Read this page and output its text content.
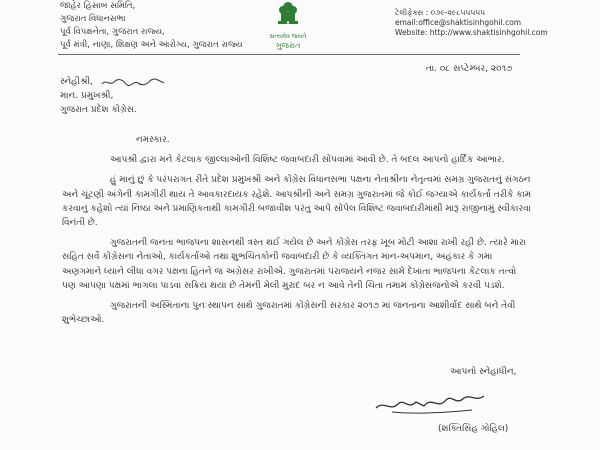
જાહેર હિસાબ સમિતિ,
ગુજરાત વિધાનસભા
પૂર્વ વિપક્ષનેતા, ગુજરાત રાજ્ય,
પૂર્વ મંત્રી, નાણા, શિક્ષણ અને આરોગ્ય, ગુજરાત રાજ્ય
સત્યમેવ જયતે
ગુજરાત
ટેલીફેક્સ : ૦૭૯-૨૯૮૫૫૫૫૫
email:office@shaktisinhgohil.com
Website: http://www.shaktisinhgohil.com
તા. ૦૮ સપ્ટેમ્બર, ૨૦૧૭
સ્નેહીશ્રી,
માન. પ્રમુખશ્રી,
ગુજરાત પ્રદેશ કોંગ્રેસ.

નમસ્કાર.

આપશ્રી દ્વારા મને કેટલાક જીલ્લાઓની વિશિષ્ટ જવાબદારી સોંપવામાં આવી છે. તે બદલ આપનો હાર્દિક આભાર.

હું માનું છું કે પરંપરાગત રીતે પ્રદેશ પ્રમુખશ્રી અને કોંગ્રેસ વિધાનસભા પક્ષના નેતાશ્રીના નેતૃત્વમાં સમગ્ર ગુજરાતનું સંગઠન અને ચૂંટણી અંગેની કામગીરી થાય તે આવકારદાયક રહેશે. આપશ્રીની અને સમગ્ર ગુજરાતમાં જે કોઈ જગ્યાએ કાર્યકર્તા તરીકે કામ કરવાનું કહેશો ત્યાં નિષ્ઠા અને પ્રમાણિકતાથી કામગીરી બજાવીશ પરંતુ આપે સોંપેલ વિશિષ્ટ જવાબદારીમાંથી મારૂ રાજીનામું સ્વીકારવા વિનંતી છે.

ગુજરાતની જનતા ભાજપના શાસનથી ત્રસ્ત થઈ ગયેલ છે અને કોંગ્રેસ તરફ ખૂબ મોટી આશા રાખી રહી છે. ત્યારે મારા સહિત સર્વે કોંગ્રેસના નેતાઓ, કાર્યકર્તાઓ તથા શુભચિંતકોની જવાબદારી છે કે વ્યક્તિગત માન-અપમાન, અહંકાર કે ગમા અણગમાને ધ્યાને લીધા વગર પક્ષના હિતને જ અગ્રેસર રાખીએ. ગુજરાતમાં પરાજયને નજર સામે દેખાતા ભાજપના કેટલાક તત્વો પણ આપણા પક્ષમાં ભાગલા પાડવા સક્રિય થયા છે તેમની મેલી મુરાદ બર ન આવે તેની ચિંતા તમામ કોંગ્રેસજનોએ કરવી પડશે.

ગુજરાતની અસ્મિતાના પુનઃસ્થાપન સાથે ગુજરાતમાં કોંગ્રેસની સરકાર ૨૦૧૭ માં જનતાના આશીર્વાદ સાથે બને તેવી શુભેચ્છાઓ.

આપનો સ્નેહાધીન,
(શક્તિસિંહ ગોહિલ)
